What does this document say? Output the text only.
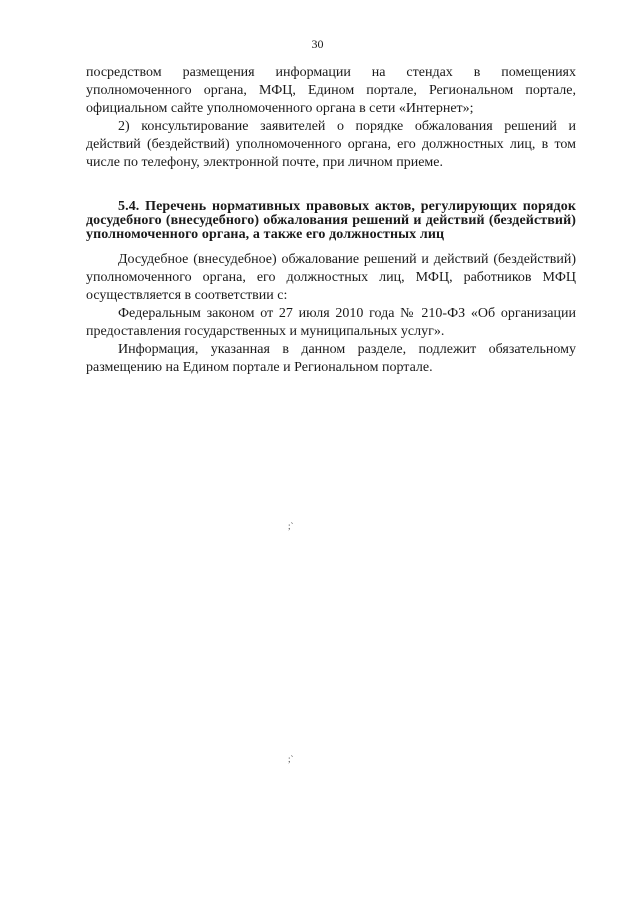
30

посредством размещения информации на стендах в помещениях уполномоченного органа, МФЦ, Едином портале, Региональном портале, официальном сайте уполномоченного органа в сети «Интернет»;

2) консультирование заявителей о порядке обжалования решений и действий (бездействий) уполномоченного органа, его должностных лиц, в том числе по телефону, электронной почте, при личном приеме.

5.4. Перечень нормативных правовых актов, регулирующих порядок досудебного (внесудебного) обжалования решений и действий (бездействий) уполномоченного органа, а также его должностных лиц

Досудебное (внесудебное) обжалование решений и действий (бездействий) уполномоченного органа, его должностных лиц, МФЦ, работников МФЦ осуществляется в соответствии с:

Федеральным законом от 27 июля 2010 года № 210-ФЗ «Об организации предоставления государственных и муниципальных услуг».

Информация, указанная в данном разделе, подлежит обязательному размещению на Едином портале и Региональном портале.

;ˋ
;ˋ
